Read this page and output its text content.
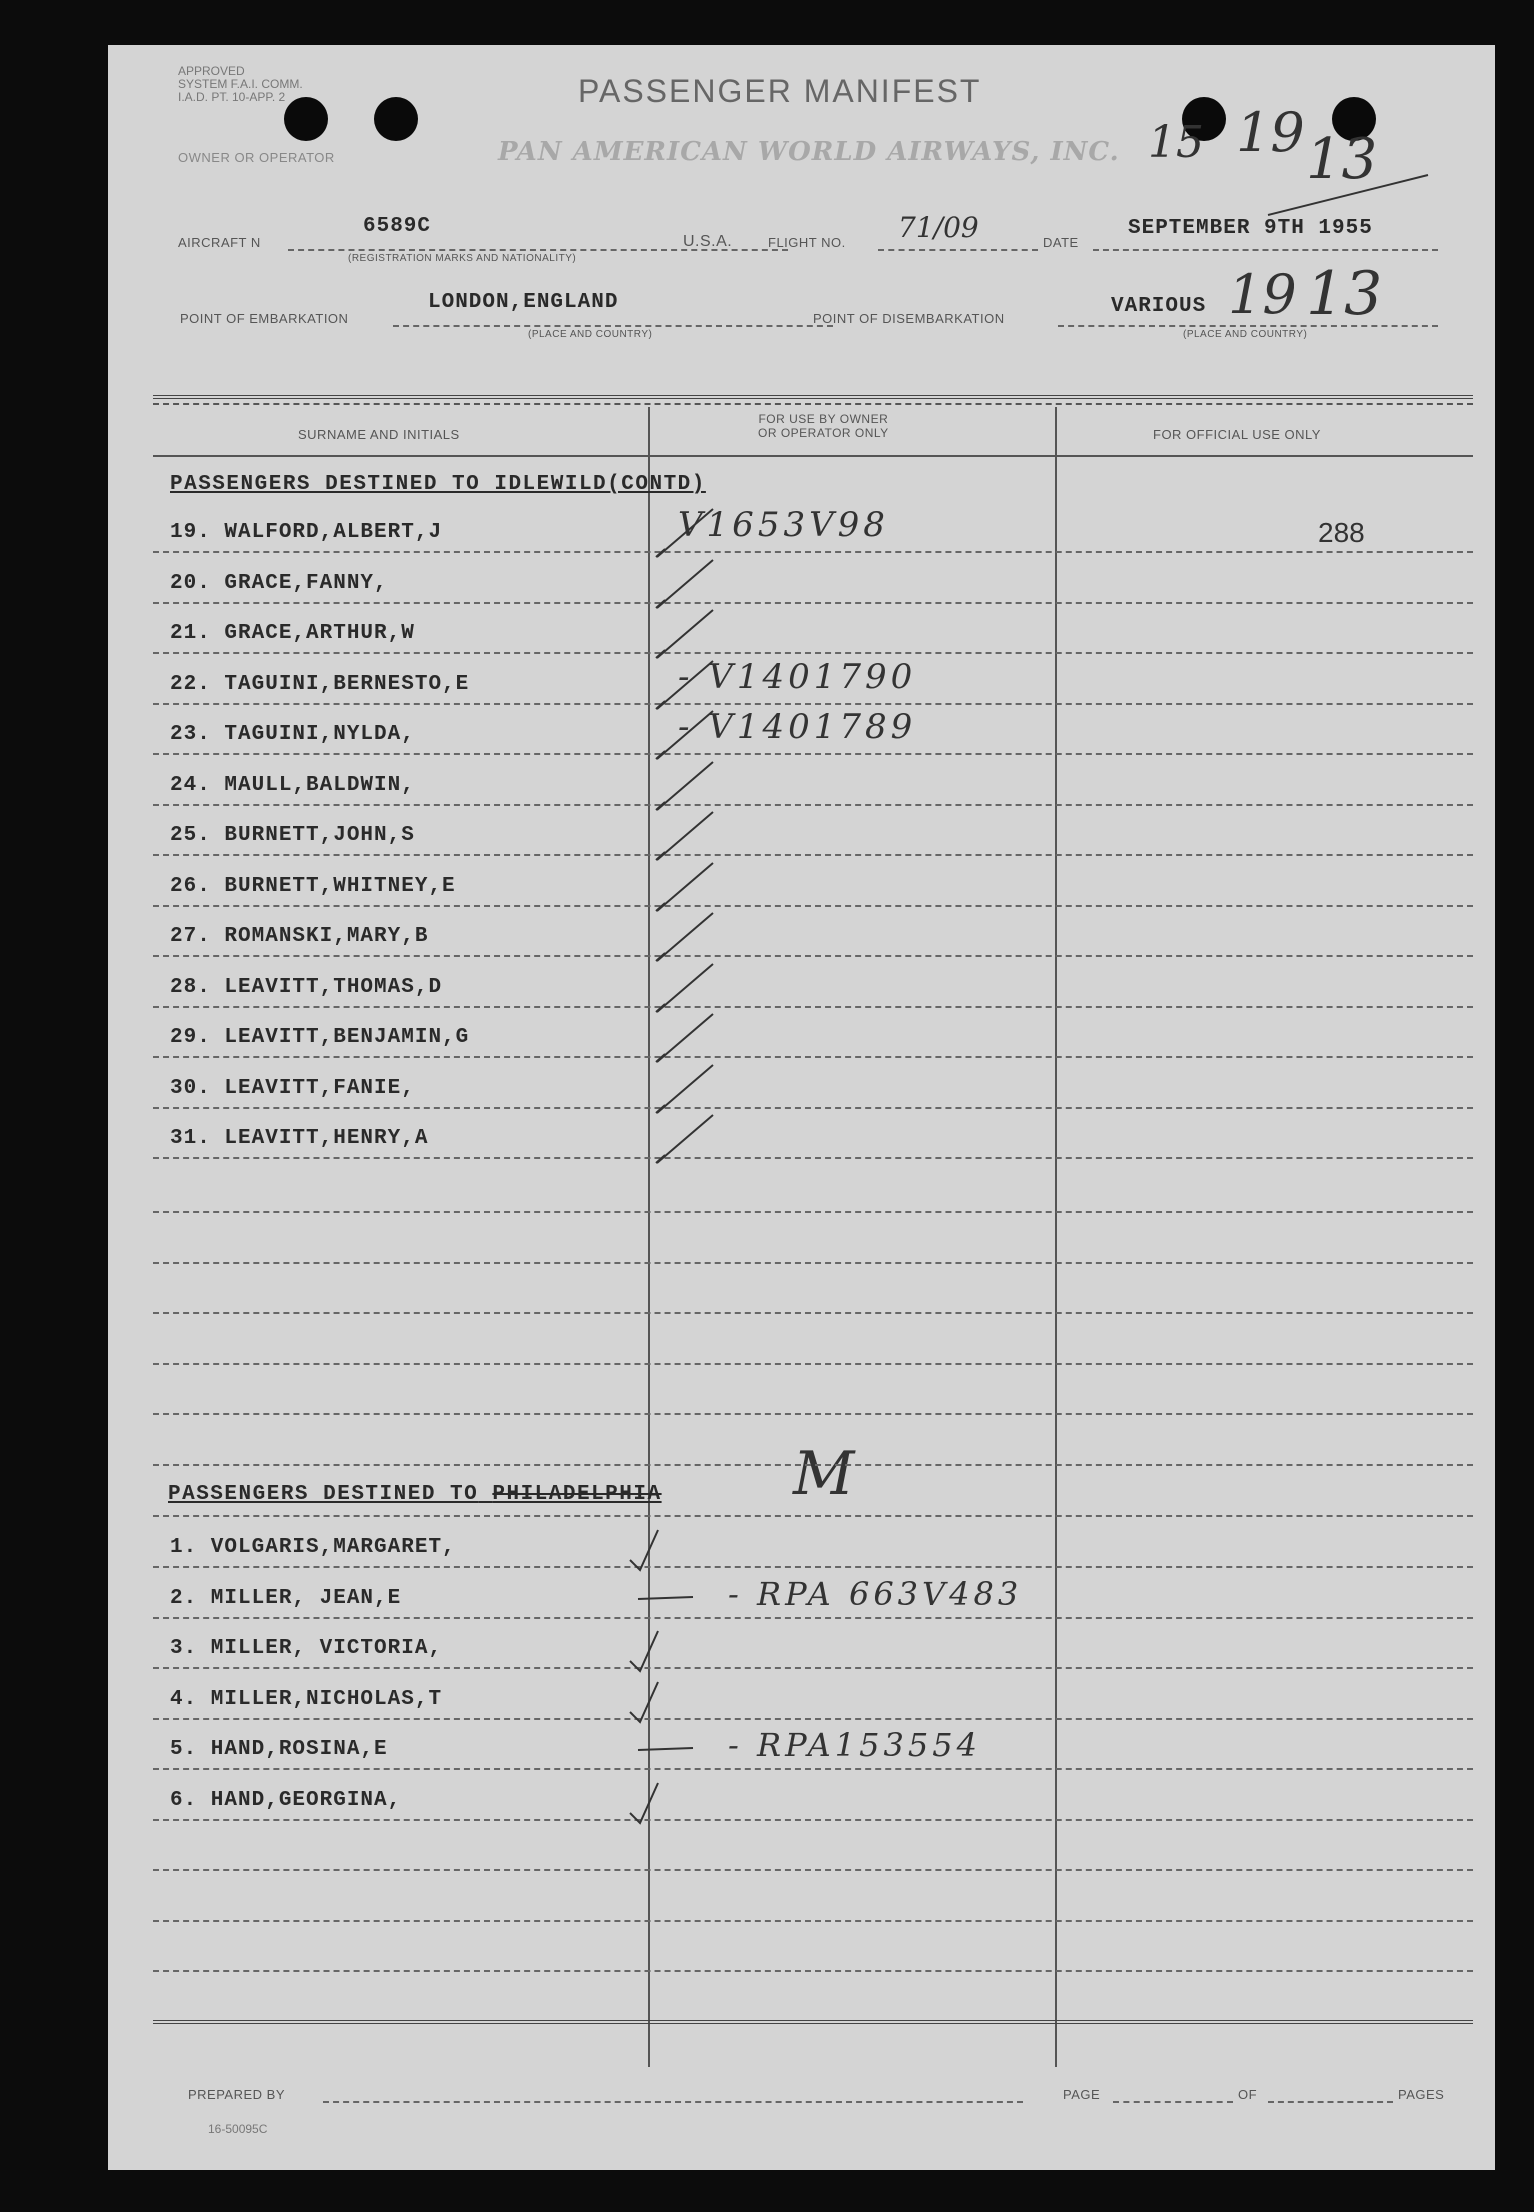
APPROVED
SYSTEM F.A.I. COMM.
I.A.D. PT. 10-APP. 2	PASSENGER MANIFEST
OWNER OR OPERATOR	PAN AMERICAN WORLD AIRWAYS, INC. 15 19 13
AIRCRAFT N
6589C
(REGISTRATION MARKS AND NATIONALITY)
U.S.A.	FLIGHT NO. 71/09	DATE
SEPTEMBER 9TH 1955
POINT OF EMBARKATION
LONDON,ENGLAND
(PLACE AND COUNTRY)
POINT OF DISEMBARKATION
VARIOUS
(PLACE AND COUNTRY)
19 13
SURNAME AND INITIALS
FOR USE BY OWNER
OR OPERATOR ONLY	FOR OFFICIAL USE ONLY
PASSENGERS DESTINED TO IDLEWILD(CONTD)
19. WALFORD,ALBERT,J	V1653V98	288
20. GRACE,FANNY,
21. GRACE,ARTHUR,W
22. TAGUINI,BERNESTO,E	- V1401790
23. TAGUINI,NYLDA,	- V1401789
24. MAULL,BALDWIN,
25. BURNETT,JOHN,S
26. BURNETT,WHITNEY,E
27. ROMANSKI,MARY,B
28. LEAVITT,THOMAS,D
29. LEAVITT,BENJAMIN,G
30. LEAVITT,FANIE,
31. LEAVITT,HENRY,A
PASSENGERS DESTINED TO PHILADELPHIA M
1. VOLGARIS,MARGARET,
2. MILLER, JEAN,E	- RPA 663V483
3. MILLER, VICTORIA,
4. MILLER,NICHOLAS,T
5. HAND,ROSINA,E	- RPA153554
6. HAND,GEORGINA,
PREPARED BY	PAGE	OF	PAGES
16-50095C
